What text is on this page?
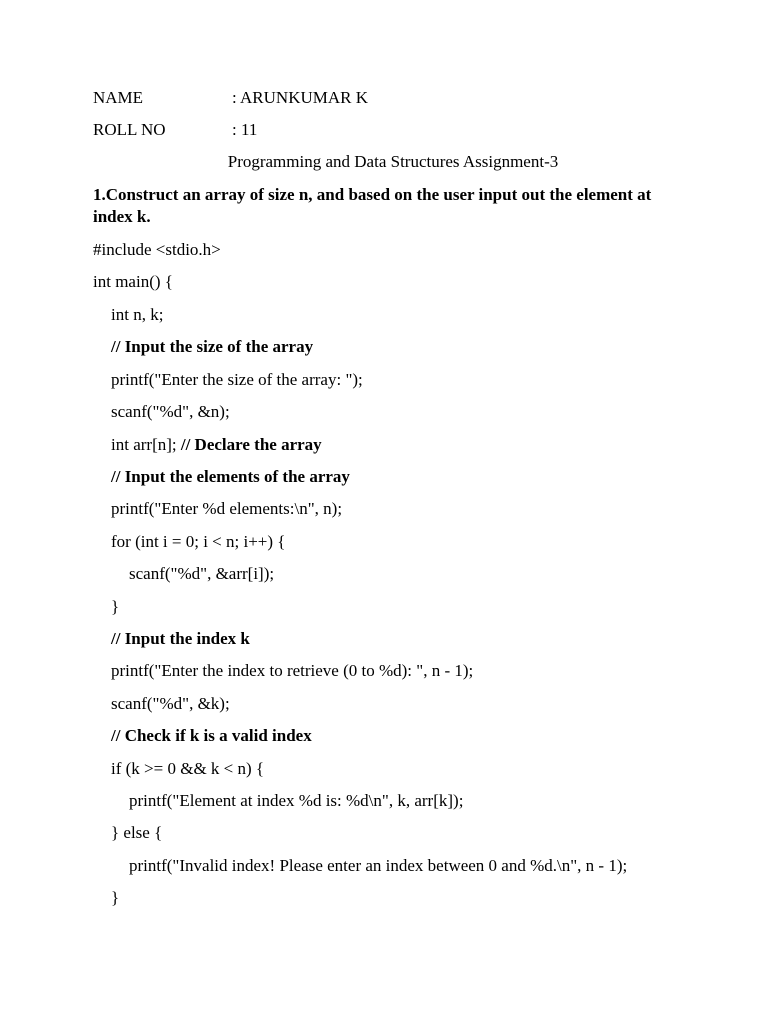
NAME	: ARUNKUMAR K
ROLL NO	: 11
Programming and Data Structures Assignment-3
1.Construct an array of size n, and based on the user input out the element at index k.
#include <stdio.h>
int main() {
int n, k;
// Input the size of the array
printf("Enter the size of the array: ");
scanf("%d", &n);
int arr[n]; // Declare the array
// Input the elements of the array
printf("Enter %d elements:\n", n);
for (int i = 0; i < n; i++) {
scanf("%d", &arr[i]);
}
// Input the index k
printf("Enter the index to retrieve (0 to %d): ", n - 1);
scanf("%d", &k);
// Check if k is a valid index
if (k >= 0 && k < n) {
printf("Element at index %d is: %d\n", k, arr[k]);
} else {
printf("Invalid index! Please enter an index between 0 and %d.\n", n - 1);
}
